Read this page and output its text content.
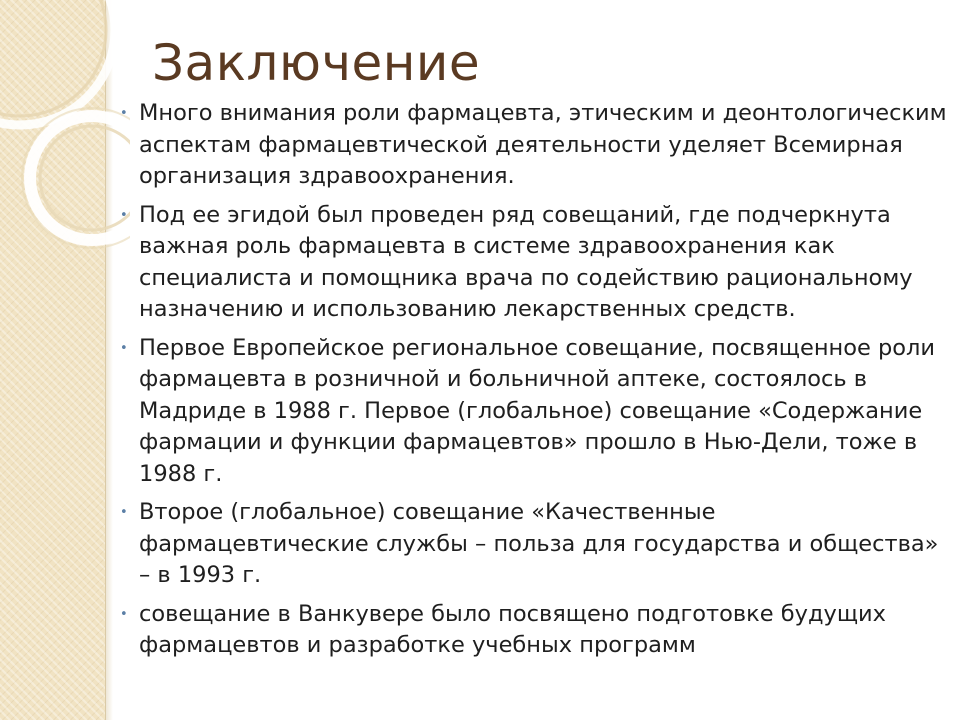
Заключение
• Много внимания роли фармацевта, этическим и деонтологическим аспектам фармацевтической деятельности уделяет Всемирная организация здравоохранения.
• Под ее эгидой был проведен ряд совещаний, где подчеркнута важная роль фармацевта в системе здравоохранения как специалиста и помощника врача по содействию рациональному назначению и использованию лекарственных средств.
• Первое Европейское региональное совещание, посвященное роли фармацевта в розничной и больничной аптеке, состоялось в Мадриде в 1988 г. Первое (глобальное) совещание «Содержание фармации и функции фармацевтов» прошло в Нью-Дели, тоже в 1988 г.
• Второе (глобальное) совещание «Качественные фармацевтические службы – польза для государства и общества» – в 1993 г.
• совещание в Ванкувере было посвящено подготовке будущих фармацевтов и разработке учебных программ
